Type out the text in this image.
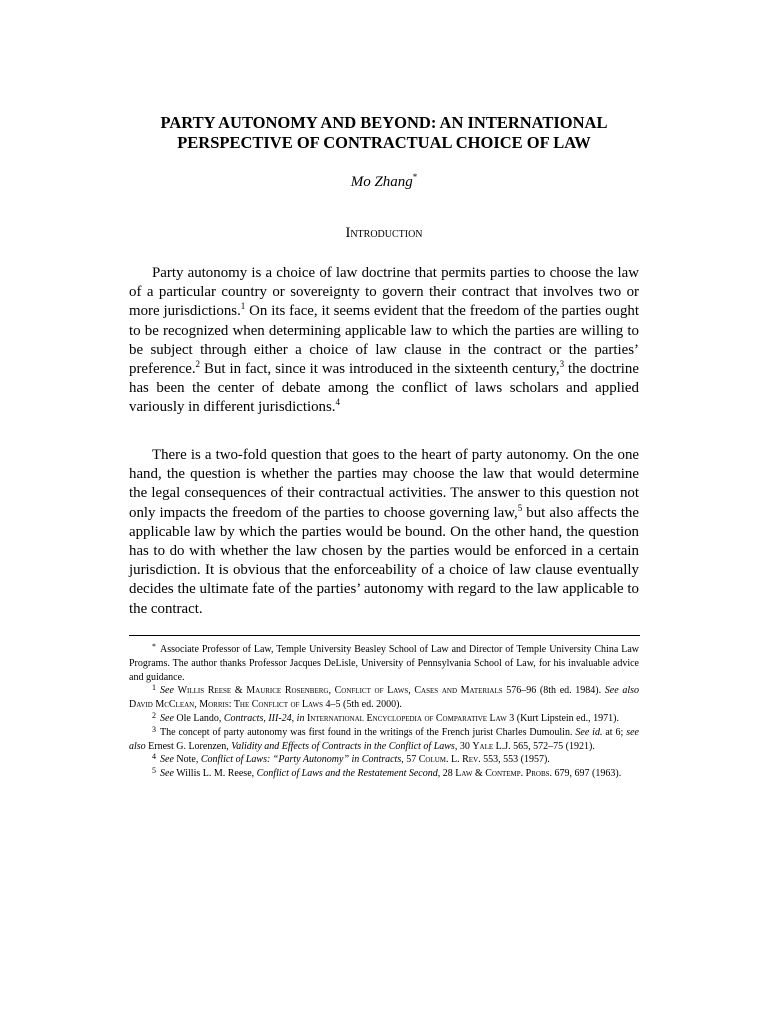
PARTY AUTONOMY AND BEYOND: AN INTERNATIONAL
PERSPECTIVE OF CONTRACTUAL CHOICE OF LAW
Mo Zhang*
Introduction

Party autonomy is a choice of law doctrine that permits parties to choose the law of a particular country or sovereignty to govern their contract that involves two or more jurisdictions.$^1$ On its face, it seems evident that the freedom of the parties ought to be recognized when determining applicable law to which the parties are willing to be subject through either a choice of law clause in the contract or the parties’ preference.$^2$ But in fact, since it was introduced in the sixteenth century,$^3$ the doctrine has been the center of debate among the conflict of laws scholars and applied variously in different jurisdictions.$^4$

There is a two-fold question that goes to the heart of party autonomy. On the one hand, the question is whether the parties may choose the law that would determine the legal consequences of their contractual activities. The answer to this question not only impacts the freedom of the parties to choose governing law,$^5$ but also affects the applicable law by which the parties would be bound. On the other hand, the question has to do with whether the law chosen by the parties would be enforced in a certain jurisdiction. It is obvious that the enforceability of a choice of law clause eventually decides the ultimate fate of the parties’ autonomy with regard to the law applicable to the contract.

* Associate Professor of Law, Temple University Beasley School of Law and Director of Temple University China Law Programs. The author thanks Professor Jacques DeLisle, University of Pennsylvania School of Law, for his invaluable advice and guidance.

$^1$ See Willis Reese & Maurice Rosenberg, Conflict of Laws, Cases and Materials 576–96 (8th ed. 1984). See also David McClean, Morris: The Conflict of Laws 4–5 (5th ed. 2000).

$^2$ See Ole Lando, Contracts, III-24, in International Encyclopedia of Comparative Law 3 (Kurt Lipstein ed., 1971).

$^3$ The concept of party autonomy was first found in the writings of the French jurist Charles Dumoulin. See id. at 6; see also Ernest G. Lorenzen, Validity and Effects of Contracts in the Conflict of Laws, 30 Yale L.J. 565, 572–75 (1921).

$^4$ See Note, Conflict of Laws: “Party Autonomy” in Contracts, 57 Colum. L. Rev. 553, 553 (1957).

$^5$ See Willis L. M. Reese, Conflict of Laws and the Restatement Second, 28 Law & Contemp. Probs. 679, 697 (1963).
